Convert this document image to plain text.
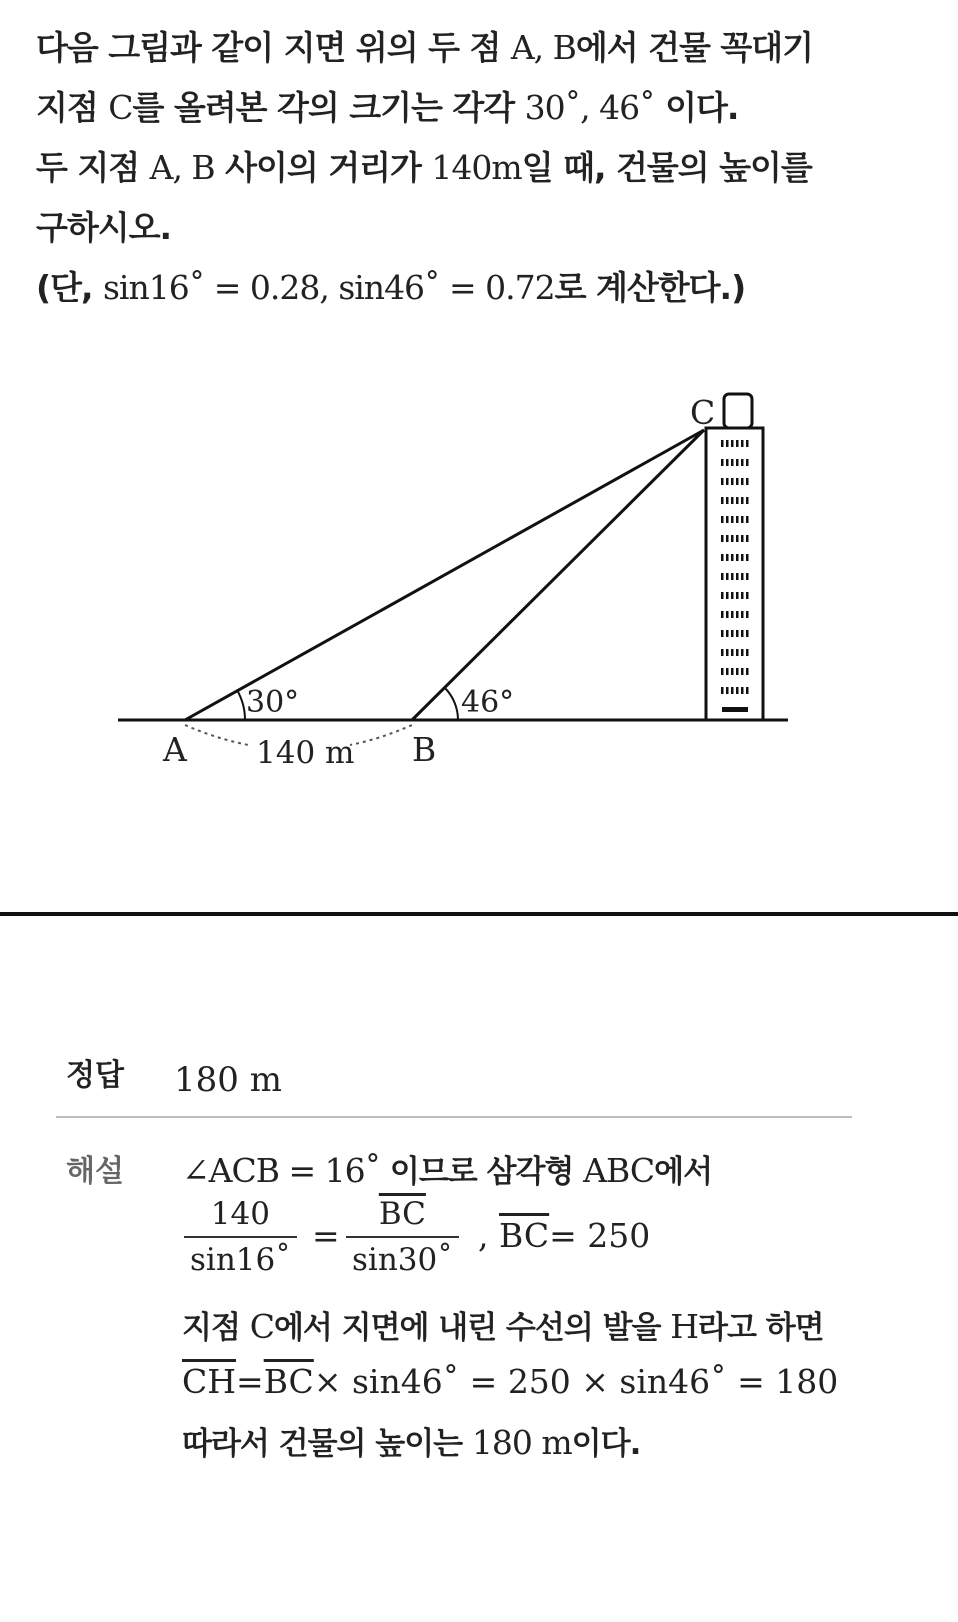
다음 그림과 같이 지면 위의 두 점 A, B에서 건물 꼭대기
지점 C를 올려본 각의 크기는 각각 30˚, 46˚ 이다.
두 지점 A, B 사이의 거리가 140m일 때, 건물의 높이를
구하시오.
(단, sin16˚ = 0.28, sin46˚ = 0.72로 계산한다.)
A	B
C
30°	46°
140 m
정답 180 m
해설 ∠ACB = 16˚ 이므로 삼각형 ABC에서
$\frac{140}{\sin 16˚} = \frac{\overline{BC}}{\sin 30˚}$ , $\overline{BC}= 250$
지점 C에서 지면에 내린 수선의 발을 H라고 하면
$\overline{CH}=\overline{BC}\times$ sin46˚ = 250 × sin46˚ = 180
따라서 건물의 높이는 180 m이다.
